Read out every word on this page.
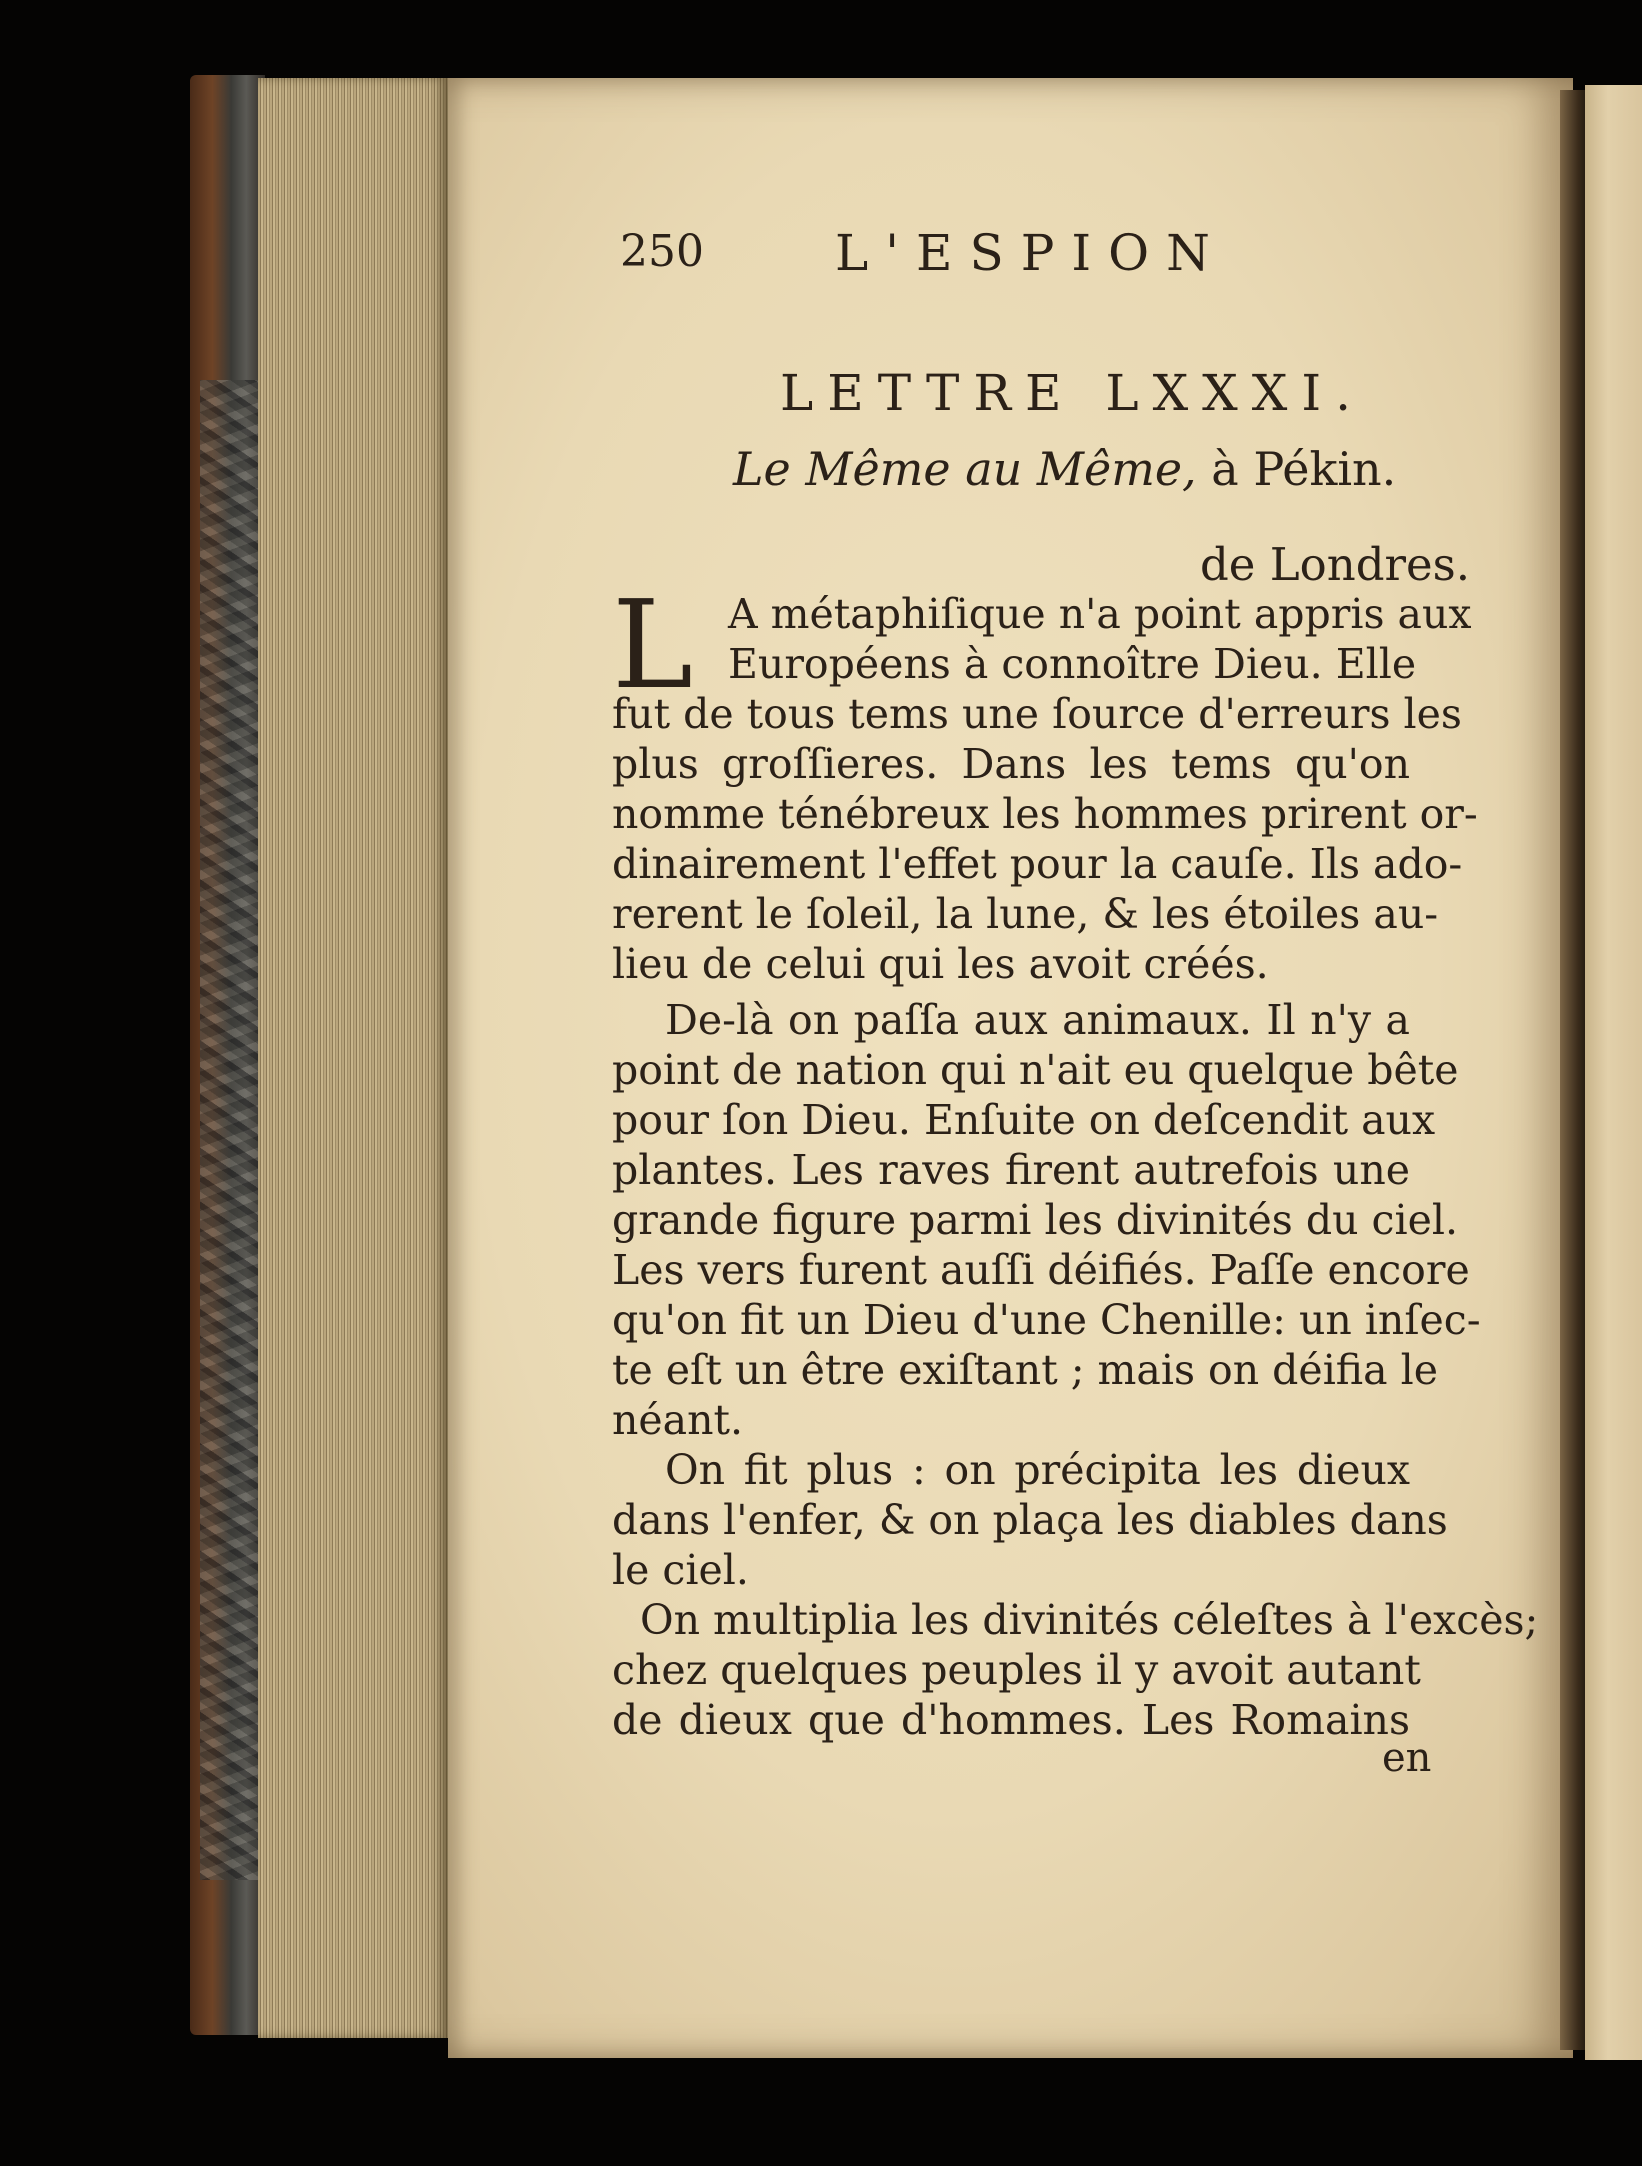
250	L'ESPION
LETTRE LXXXI.
Le Même au Même, à Pékin.
de Londres.
L A métaphiſique n'a point appris aux
Européens à connoître Dieu. Elle
fut de tous tems une ſource d'erreurs les
plus groſſieres. Dans les tems qu'on
nomme ténébreux les hommes prirent or-
dinairement l'effet pour la cauſe. Ils ado-
rerent le ſoleil, la lune, & les étoiles au-
lieu de celui qui les avoit créés.
De-là on paſſa aux animaux. Il n'y a
point de nation qui n'ait eu quelque bête
pour ſon Dieu. Enſuite on deſcendit aux
plantes. Les raves firent autrefois une
grande figure parmi les divinités du ciel.
Les vers furent auſſi déifiés. Paſſe encore
qu'on fit un Dieu d'une Chenille: un inſec-
te eſt un être exiſtant ; mais on déifia le
néant.
On fit plus : on précipita les dieux
dans l'enfer, & on plaça les diables dans
le ciel.
On multiplia les divinités céleſtes à l'excès;
chez quelques peuples il y avoit autant
de dieux que d'hommes. Les Romains
en
